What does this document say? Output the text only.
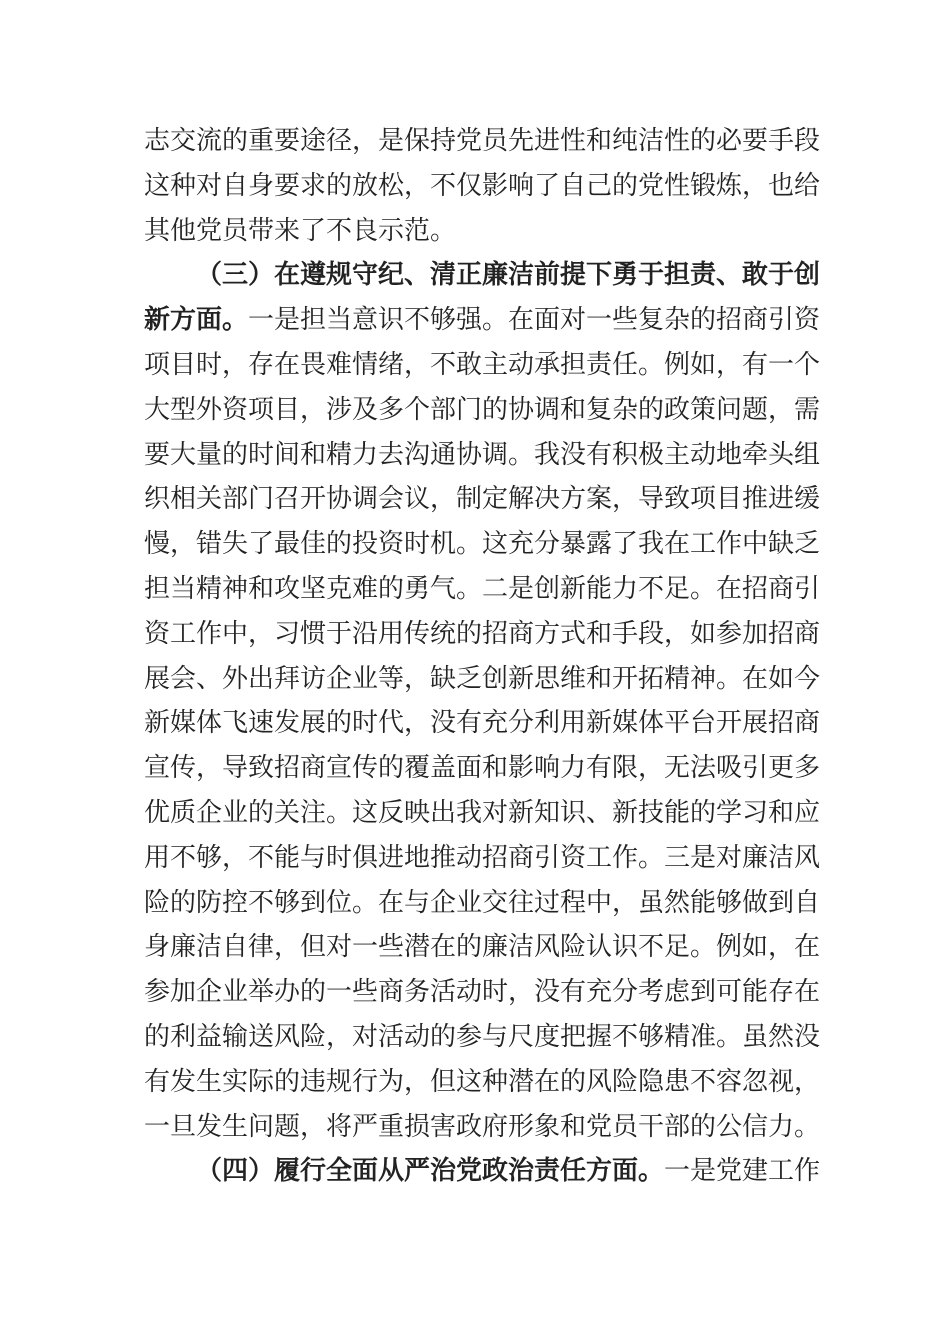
志交流的重要途径，是保持党员先进性和纯洁性的必要手段
这种对自身要求的放松，不仅影响了自己的党性锻炼，也给
其他党员带来了不良示范。
（三）在遵规守纪、清正廉洁前提下勇于担责、敢于创
新方面。一是担当意识不够强。在面对一些复杂的招商引资
项目时，存在畏难情绪，不敢主动承担责任。例如，有一个
大型外资项目，涉及多个部门的协调和复杂的政策问题，需
要大量的时间和精力去沟通协调。我没有积极主动地牵头组
织相关部门召开协调会议，制定解决方案，导致项目推进缓
慢，错失了最佳的投资时机。这充分暴露了我在工作中缺乏
担当精神和攻坚克难的勇气。二是创新能力不足。在招商引
资工作中，习惯于沿用传统的招商方式和手段，如参加招商
展会、外出拜访企业等，缺乏创新思维和开拓精神。在如今
新媒体飞速发展的时代，没有充分利用新媒体平台开展招商
宣传，导致招商宣传的覆盖面和影响力有限，无法吸引更多
优质企业的关注。这反映出我对新知识、新技能的学习和应
用不够，不能与时俱进地推动招商引资工作。三是对廉洁风
险的防控不够到位。在与企业交往过程中，虽然能够做到自
身廉洁自律，但对一些潜在的廉洁风险认识不足。例如，在
参加企业举办的一些商务活动时，没有充分考虑到可能存在
的利益输送风险，对活动的参与尺度把握不够精准。虽然没
有发生实际的违规行为，但这种潜在的风险隐患不容忽视，
一旦发生问题，将严重损害政府形象和党员干部的公信力。
（四）履行全面从严治党政治责任方面。一是党建工作
